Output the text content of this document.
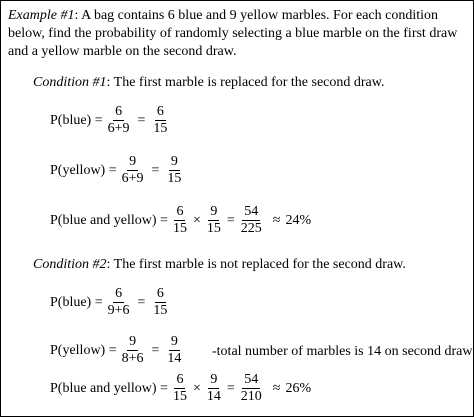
Example #1: A bag contains 6 blue and 9 yellow marbles. For each condition below, find the probability of randomly selecting a blue marble on the first draw and a yellow marble on the second draw.
Condition #1: The first marble is replaced for the second draw.
P(blue) = $\frac{6}{6+9} = \frac{6}{15}$
P(yellow) = $\frac{9}{6+9} = \frac{9}{15}$
P(blue and yellow) = $\frac{6}{15} \times \frac{9}{15} = \frac{54}{225} \approx 24\%$
Condition #2: The first marble is not replaced for the second draw.
P(blue) = $\frac{6}{9+6} = \frac{6}{15}$
P(yellow) = $\frac{9}{8+6} = \frac{9}{14}$ -total number of marbles is 14 on second draw
P(blue and yellow) = $\frac{6}{15} \times \frac{9}{14} = \frac{54}{210} \approx 26\%$
